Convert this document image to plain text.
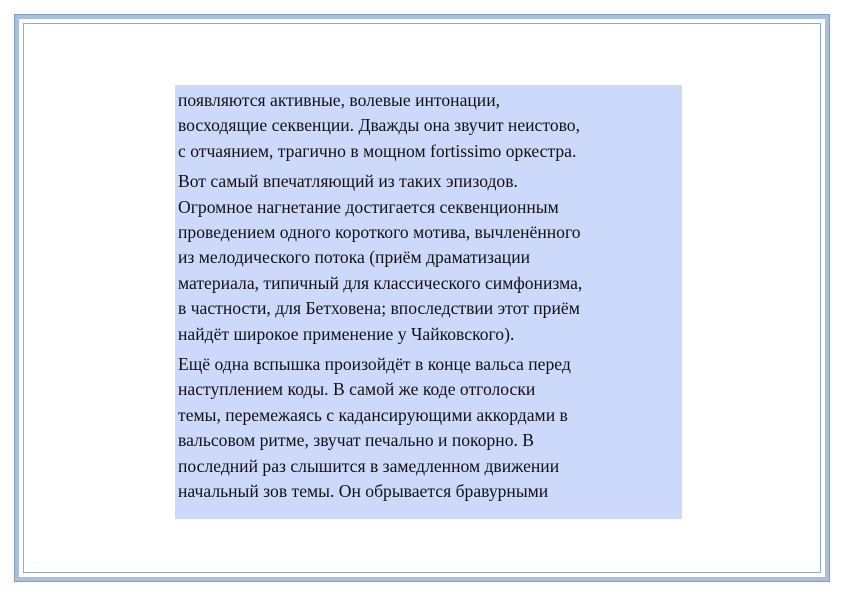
появляются активные, волевые интонации,
восходящие секвенции. Дважды она звучит неистово,
с отчаянием, трагично в мощном fortissimo оркестра.

Вот самый впечатляющий из таких эпизодов.
Огромное нагнетание достигается секвенционным
проведением одного короткого мотива, вычленённого
из мелодического потока (приём драматизации
материала, типичный для классического симфонизма,
в частности, для Бетховена; впоследствии этот приём
найдёт широкое применение у Чайковского).

Ещё одна вспышка произойдёт в конце вальса перед
наступлением коды. В самой же коде отголоски
темы, перемежаясь с кадансирующими аккордами в
вальсовом ритме, звучат печально и покорно. В
последний раз слышится в замедленном движении
начальный зов темы. Он обрывается бравурными
